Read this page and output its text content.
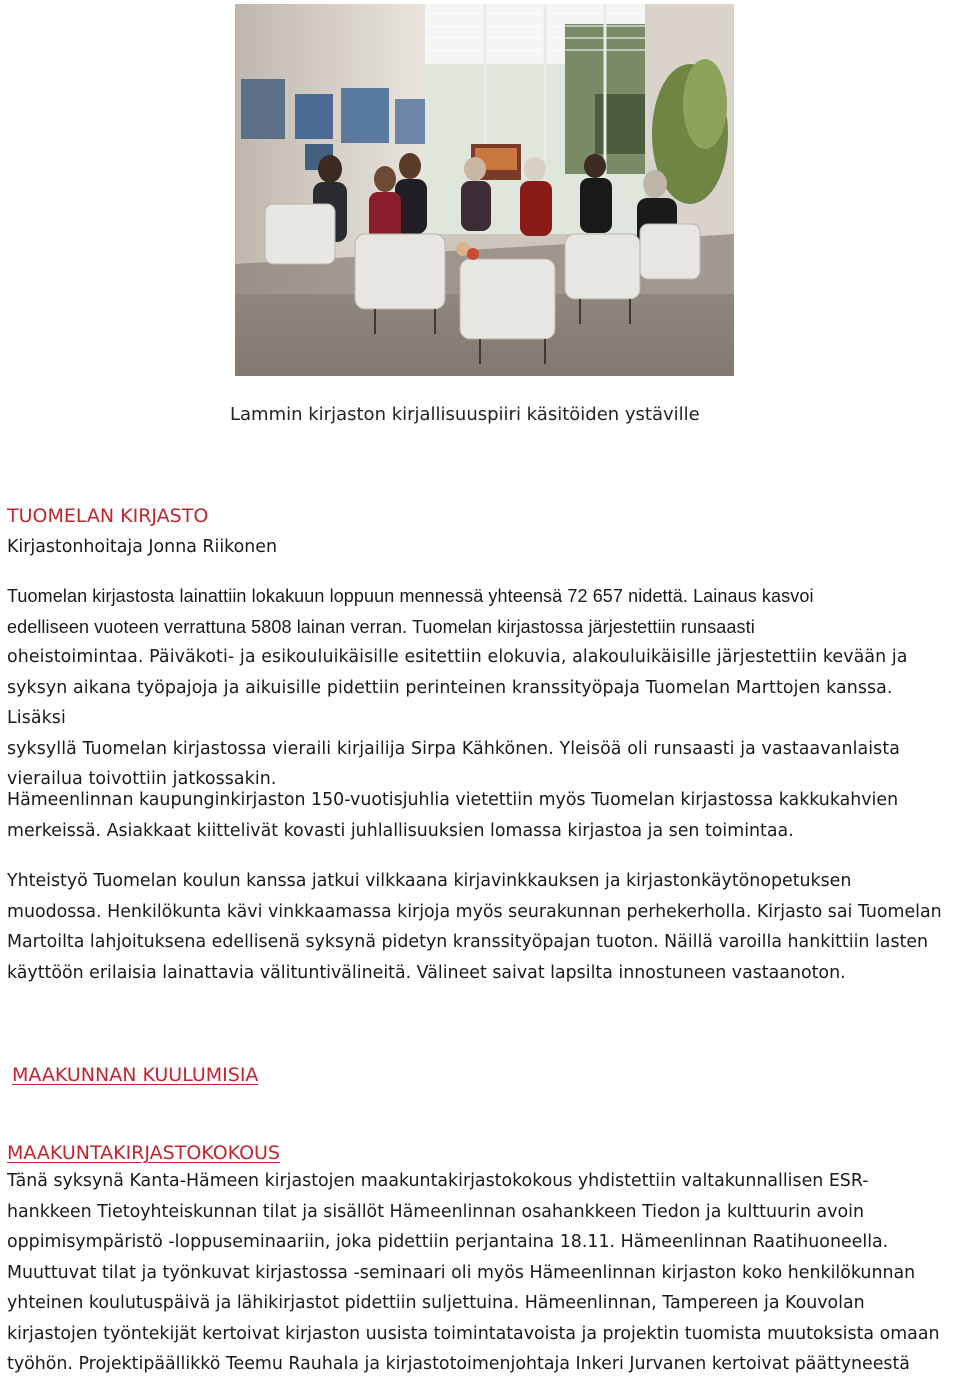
Lammin kirjaston kirjallisuuspiiri käsitöiden ystäville
TUOMELAN KIRJASTO
Kirjastonhoitaja Jonna Riikonen
Tuomelan kirjastosta lainattiin lokakuun loppuun mennessä yhteensä 72 657 nidettä. Lainaus kasvoi
edelliseen vuoteen verrattuna 5808 lainan verran. Tuomelan kirjastossa järjestettiin runsaasti
oheistoimintaa. Päiväkoti- ja esikouluikäisille esitettiin elokuvia, alakouluikäisille järjestettiin kevään ja
syksyn aikana työpajoja ja aikuisille pidettiin perinteinen kranssityöpaja Tuomelan Marttojen kanssa. Lisäksi
syksyllä Tuomelan kirjastossa vieraili kirjailija Sirpa Kähkönen. Yleisöä oli runsaasti ja vastaavanlaista
vierailua toivottiin jatkossakin.
Hämeenlinnan kaupunginkirjaston 150-vuotisjuhlia vietettiin myös Tuomelan kirjastossa kakkukahvien
merkeissä. Asiakkaat kiittelivät kovasti juhlallisuuksien lomassa kirjastoa ja sen toimintaa.
Yhteistyö Tuomelan koulun kanssa jatkui vilkkaana kirjavinkkauksen ja kirjastonkäytönopetuksen
muodossa. Henkilökunta kävi vinkkaamassa kirjoja myös seurakunnan perhekerholla. Kirjasto sai Tuomelan
Martoilta lahjoituksena edellisenä syksynä pidetyn kranssityöpajan tuoton. Näillä varoilla hankittiin lasten
käyttöön erilaisia lainattavia välituntivälineitä. Välineet saivat lapsilta innostuneen vastaanoton.
MAAKUNNAN KUULUMISIA
MAAKUNTAKIRJASTOKOKOUS
Tänä syksynä Kanta-Hämeen kirjastojen maakuntakirjastokokous yhdistettiin valtakunnallisen ESR-
hankkeen Tietoyhteiskunnan tilat ja sisällöt Hämeenlinnan osahankkeen Tiedon ja kulttuurin avoin
oppimisympäristö -loppuseminaariin, joka pidettiin perjantaina 18.11. Hämeenlinnan Raatihuoneella.
Muuttuvat tilat ja työnkuvat kirjastossa -seminaari oli myös Hämeenlinnan kirjaston koko henkilökunnan
yhteinen koulutuspäivä ja lähikirjastot pidettiin suljettuina. Hämeenlinnan, Tampereen ja Kouvolan
kirjastojen työntekijät kertoivat kirjaston uusista toimintatavoista ja projektin tuomista muutoksista omaan
työhön. Projektipäällikkö Teemu Rauhala ja kirjastotoimenjohtaja Inkeri Jurvanen kertoivat päättyneestä
